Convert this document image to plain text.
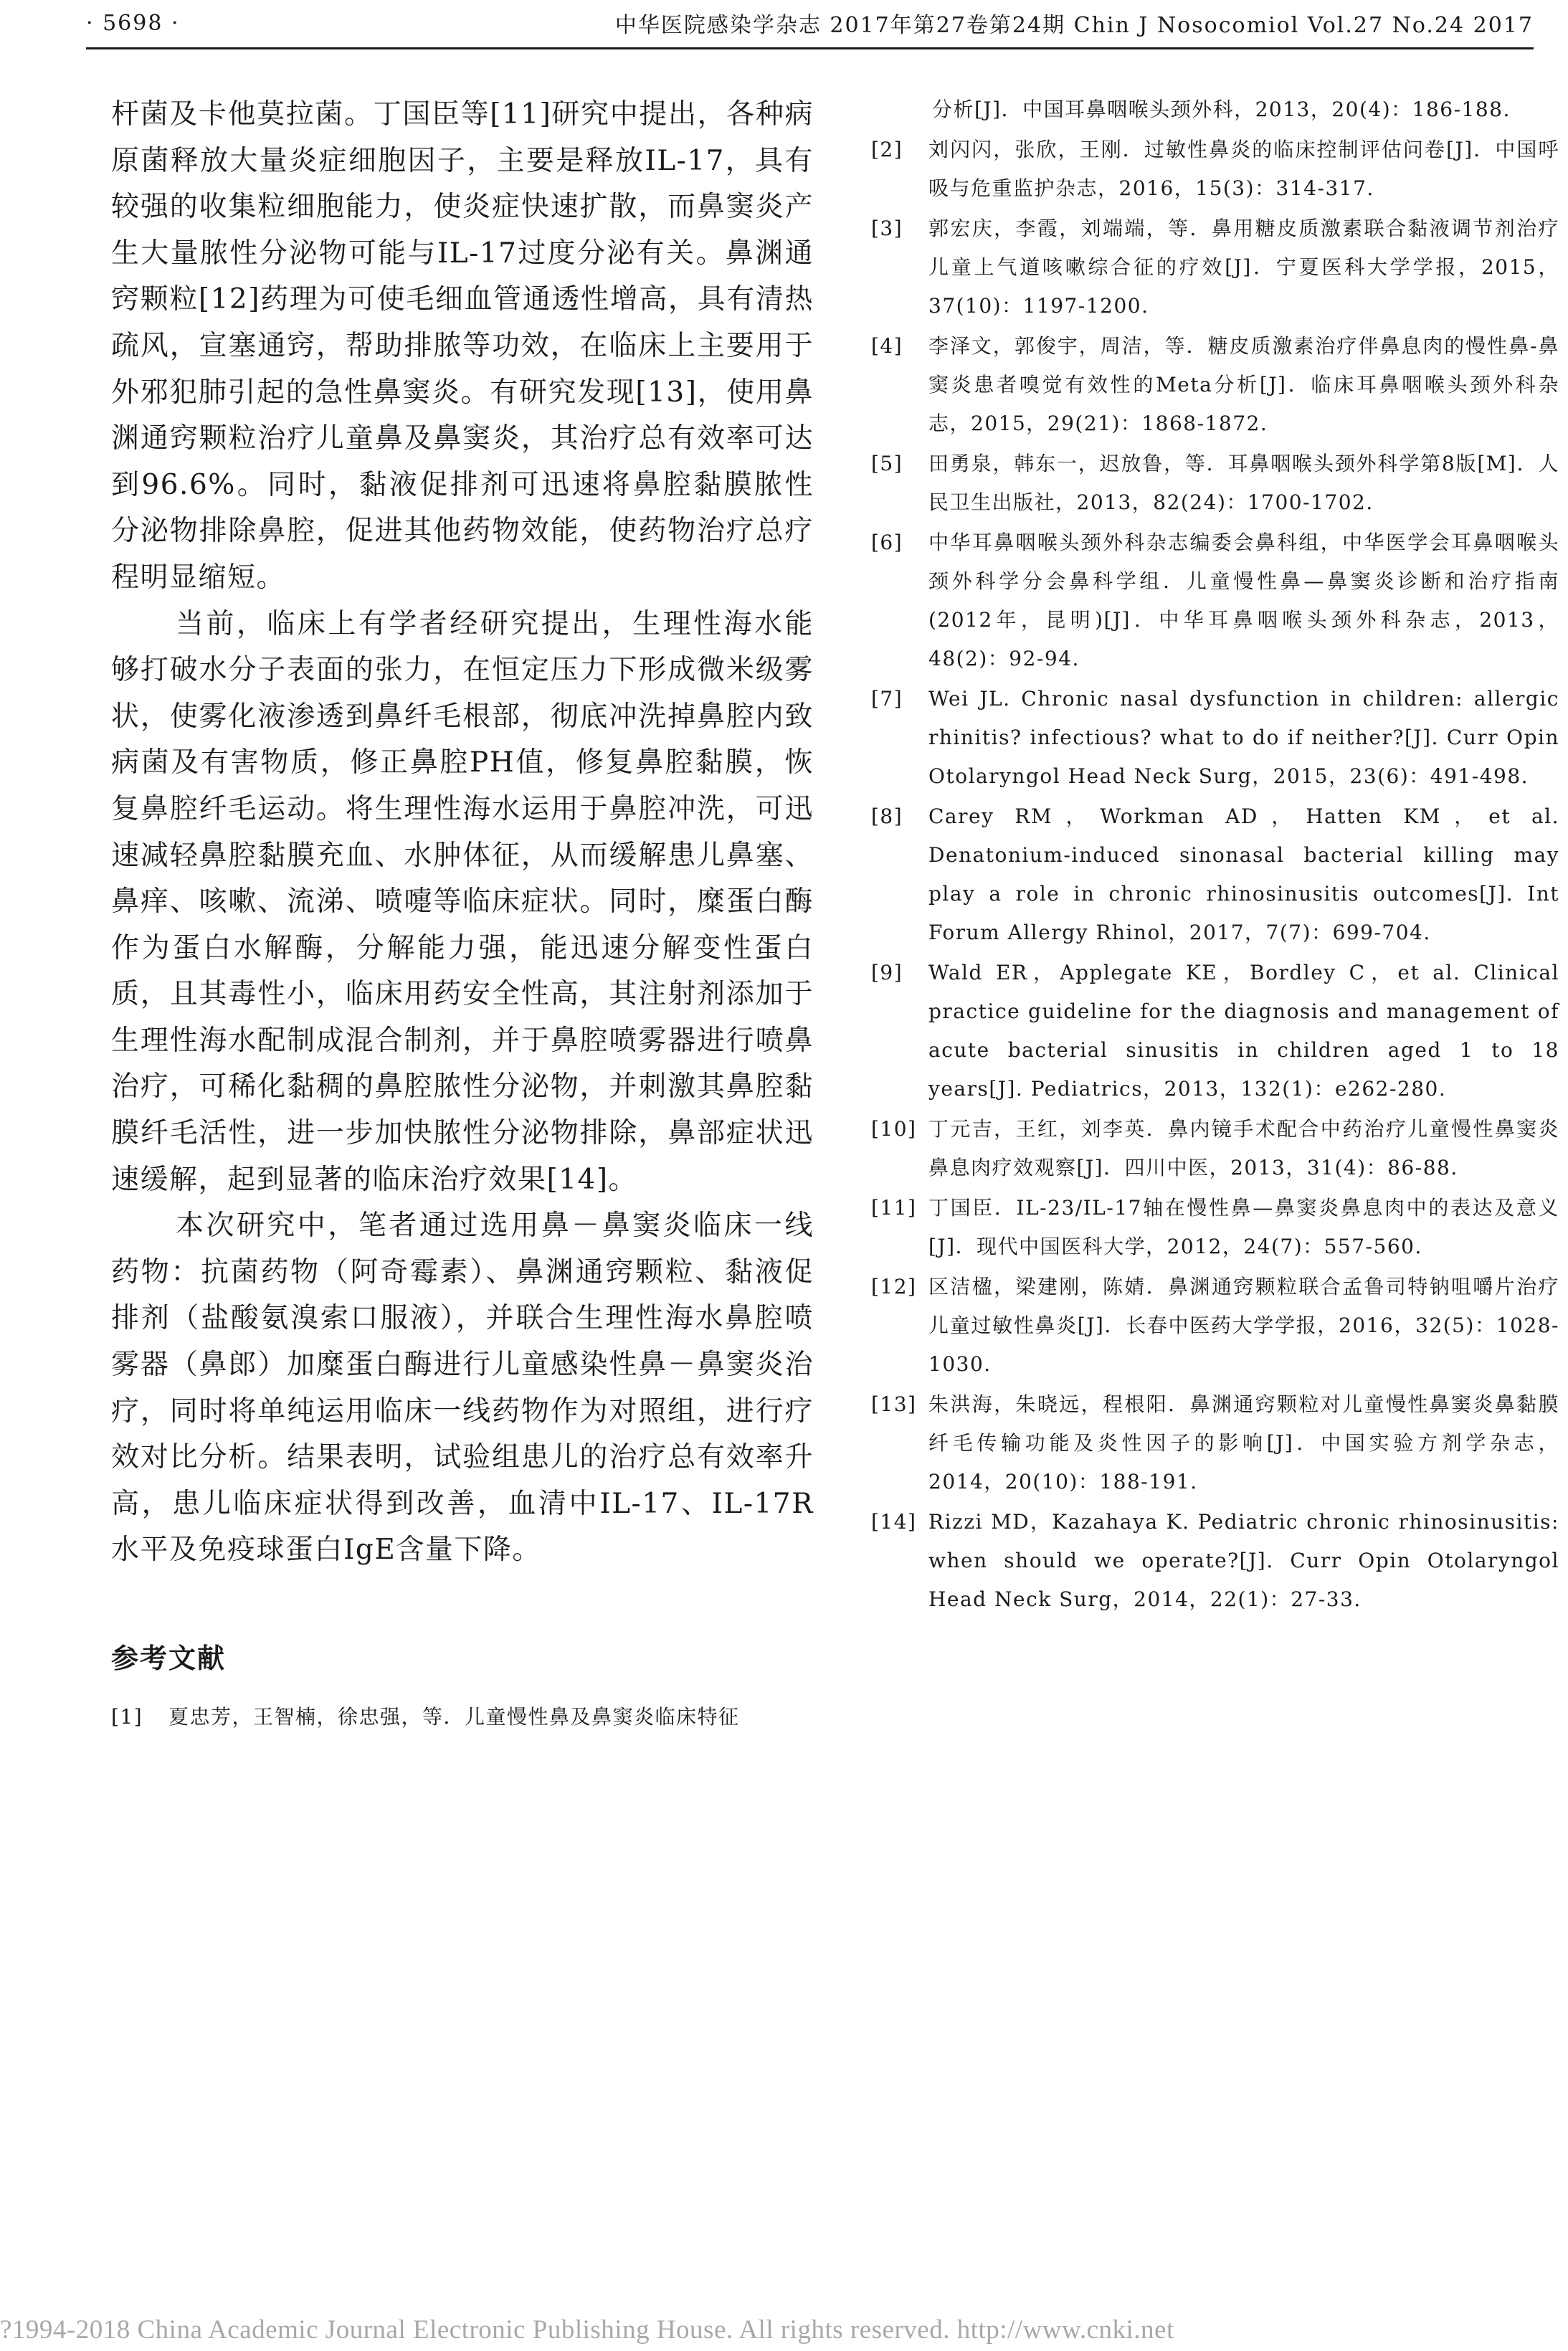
· 5698 ·	中华医院感染学杂志 2017年第27卷第24期 Chin J Nosocomiol Vol.27 No.24 2017

杆菌及卡他莫拉菌。丁国臣等[11]研究中提出，各种病原菌释放大量炎症细胞因子，主要是释放IL-17，具有较强的收集粒细胞能力，使炎症快速扩散，而鼻窦炎产生大量脓性分泌物可能与IL-17过度分泌有关。鼻渊通窍颗粒[12]药理为可使毛细血管通透性增高，具有清热疏风，宣塞通窍，帮助排脓等功效，在临床上主要用于外邪犯肺引起的急性鼻窦炎。有研究发现[13]，使用鼻渊通窍颗粒治疗儿童鼻及鼻窦炎，其治疗总有效率可达到96.6%。同时，黏液促排剂可迅速将鼻腔黏膜脓性分泌物排除鼻腔，促进其他药物效能，使药物治疗总疗程明显缩短。

当前，临床上有学者经研究提出，生理性海水能够打破水分子表面的张力，在恒定压力下形成微米级雾状，使雾化液渗透到鼻纤毛根部，彻底冲洗掉鼻腔内致病菌及有害物质，修正鼻腔PH值，修复鼻腔黏膜，恢复鼻腔纤毛运动。将生理性海水运用于鼻腔冲洗，可迅速减轻鼻腔黏膜充血、水肿体征，从而缓解患儿鼻塞、鼻痒、咳嗽、流涕、喷嚏等临床症状。同时，糜蛋白酶作为蛋白水解酶，分解能力强，能迅速分解变性蛋白质，且其毒性小，临床用药安全性高，其注射剂添加于生理性海水配制成混合制剂，并于鼻腔喷雾器进行喷鼻治疗，可稀化黏稠的鼻腔脓性分泌物，并刺激其鼻腔黏膜纤毛活性，进一步加快脓性分泌物排除，鼻部症状迅速缓解，起到显著的临床治疗效果[14]。

本次研究中，笔者通过选用鼻－鼻窦炎临床一线药物：抗菌药物（阿奇霉素）、鼻渊通窍颗粒、黏液促排剂（盐酸氨溴索口服液），并联合生理性海水鼻腔喷雾器（鼻郎）加糜蛋白酶进行儿童感染性鼻－鼻窦炎治疗，同时将单纯运用临床一线药物作为对照组，进行疗效对比分析。结果表明，试验组患儿的治疗总有效率升高，患儿临床症状得到改善，血清中IL-17、IL-17R水平及免疫球蛋白IgE含量下降。

参考文献
[1]	夏忠芳，王智楠，徐忠强，等．儿童慢性鼻及鼻窦炎临床特征
分析[J]．中国耳鼻咽喉头颈外科，2013，20(4)：186-188.
[2]	刘闪闪，张欣，王刚．过敏性鼻炎的临床控制评估问卷[J]．中国呼吸与危重监护杂志，2016，15(3)：314-317.
[3]	郭宏庆，李霞，刘端端，等．鼻用糖皮质激素联合黏液调节剂治疗儿童上气道咳嗽综合征的疗效[J]．宁夏医科大学学报，2015，37(10)：1197-1200.
[4]	李泽文，郭俊宇，周洁，等．糖皮质激素治疗伴鼻息肉的慢性鼻-鼻窦炎患者嗅觉有效性的Meta分析[J]．临床耳鼻咽喉头颈外科杂志，2015，29(21)：1868-1872.
[5]	田勇泉，韩东一，迟放鲁，等．耳鼻咽喉头颈外科学第8版[M]．人民卫生出版社，2013，82(24)：1700-1702.
[6]	中华耳鼻咽喉头颈外科杂志编委会鼻科组，中华医学会耳鼻咽喉头颈外科学分会鼻科学组．儿童慢性鼻—鼻窦炎诊断和治疗指南(2012年，昆明)[J]．中华耳鼻咽喉头颈外科杂志，2013，48(2)：92-94.
[7]	Wei JL. Chronic nasal dysfunction in children: allergic rhinitis? infectious? what to do if neither?[J]. Curr Opin Otolaryngol Head Neck Surg，2015，23(6)：491-498.
[8]	Carey RM，Workman AD，Hatten KM，et al. Denatonium-induced sinonasal bacterial killing may play a role in chronic rhinosinusitis outcomes[J]. Int Forum Allergy Rhinol，2017，7(7)：699-704.
[9]	Wald ER，Applegate KE，Bordley C，et al. Clinical practice guideline for the diagnosis and management of acute bacterial sinusitis in children aged 1 to 18 years[J]. Pediatrics，2013，132(1)：e262-280.
[10] 丁元吉，王红，刘李英．鼻内镜手术配合中药治疗儿童慢性鼻窦炎鼻息肉疗效观察[J]．四川中医，2013，31(4)：86-88.
[11] 丁国臣．IL-23/IL-17轴在慢性鼻—鼻窦炎鼻息肉中的表达及意义[J]．现代中国医科大学，2012，24(7)：557-560.
[12] 区洁楹，梁建刚，陈婧．鼻渊通窍颗粒联合孟鲁司特钠咀嚼片治疗儿童过敏性鼻炎[J]．长春中医药大学学报，2016，32(5)：1028-1030.
[13] 朱洪海，朱晓远，程根阳．鼻渊通窍颗粒对儿童慢性鼻窦炎鼻黏膜纤毛传输功能及炎性因子的影响[J]．中国实验方剂学杂志，2014，20(10)：188-191.
[14] Rizzi MD，Kazahaya K. Pediatric chronic rhinosinusitis: when should we operate?[J]. Curr Opin Otolaryngol Head Neck Surg，2014，22(1)：27-33.
?1994-2018 China Academic Journal Electronic Publishing House. All rights reserved. http://www.cnki.net
